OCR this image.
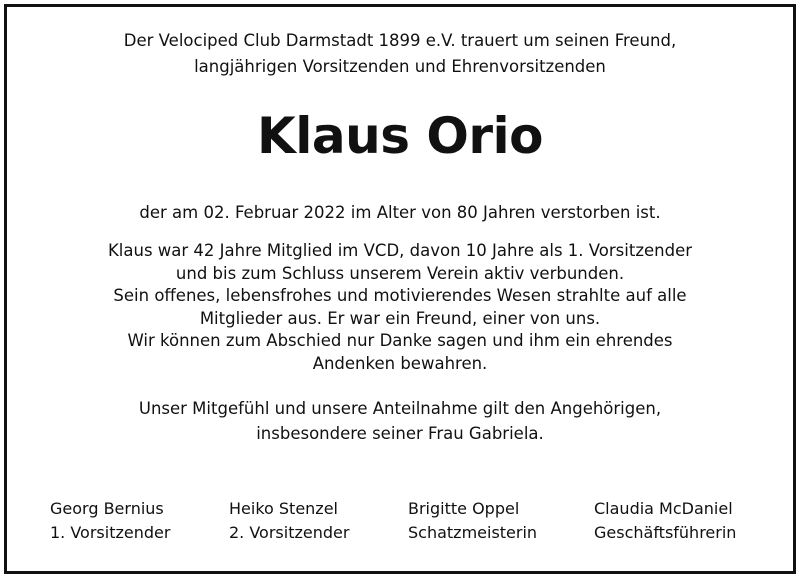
Der Velociped Club Darmstadt 1899 e.V. trauert um seinen Freund,
langjährigen Vorsitzenden und Ehrenvorsitzenden
Klaus Orio
der am 02. Februar 2022 im Alter von 80 Jahren verstorben ist.
Klaus war 42 Jahre Mitglied im VCD, davon 10 Jahre als 1. Vorsitzender
und bis zum Schluss unserem Verein aktiv verbunden.
Sein offenes, lebensfrohes und motivierendes Wesen strahlte auf alle
Mitglieder aus. Er war ein Freund, einer von uns.
Wir können zum Abschied nur Danke sagen und ihm ein ehrendes
Andenken bewahren.
Unser Mitgefühl und unsere Anteilnahme gilt den Angehörigen,
insbesondere seiner Frau Gabriela.
Georg Bernius
1. Vorsitzender
Heiko Stenzel
2. Vorsitzender
Brigitte Oppel
Schatzmeisterin
Claudia McDaniel
Geschäftsführerin
